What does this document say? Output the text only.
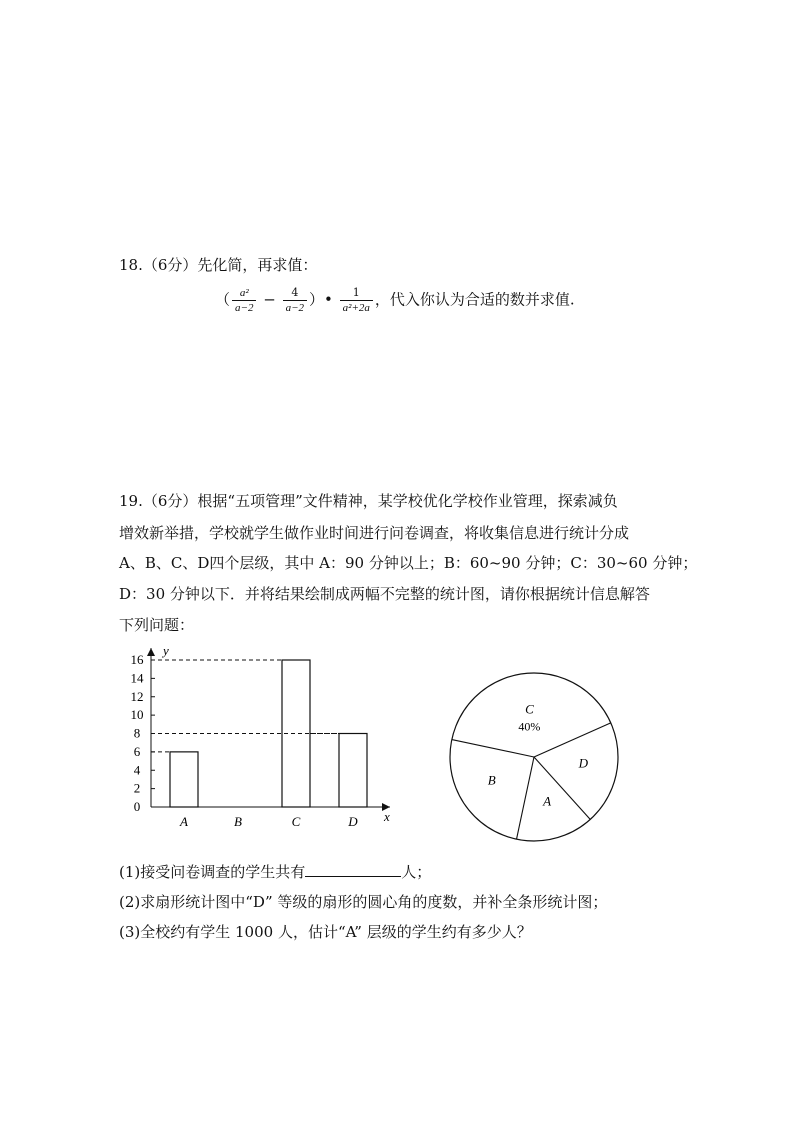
18.（6分）先化简，再求值：
（ $\frac{\text{a²}}{a-2} - \frac{4}{a-2}$ ）• $\frac{1}{\text{a²+2a}}$ ，代入你认为合适的数并求值.
19.（6分）根据“五项管理”文件精神，某学校优化学校作业管理，探索减负
增效新举措，学校就学生做作业时间进行问卷调查，将收集信息进行统计分成
A、B、C、D四个层级，其中 A：90 分钟以上；B：60~90 分钟；C：30~60 分钟；
D：30 分钟以下．并将结果绘制成两幅不完整的统计图，请你根据统计信息解答
下列问题：
y
x
0
2
4
6
8
10
12
14
16
A	B	C	D
C
40%
D
A
B
(1)接受问卷调查的学生共有	人；
(2)求扇形统计图中“D” 等级的扇形的圆心角的度数，并补全条形统计图；
(3)全校约有学生 1000 人，估计“A” 层级的学生约有多少人？
